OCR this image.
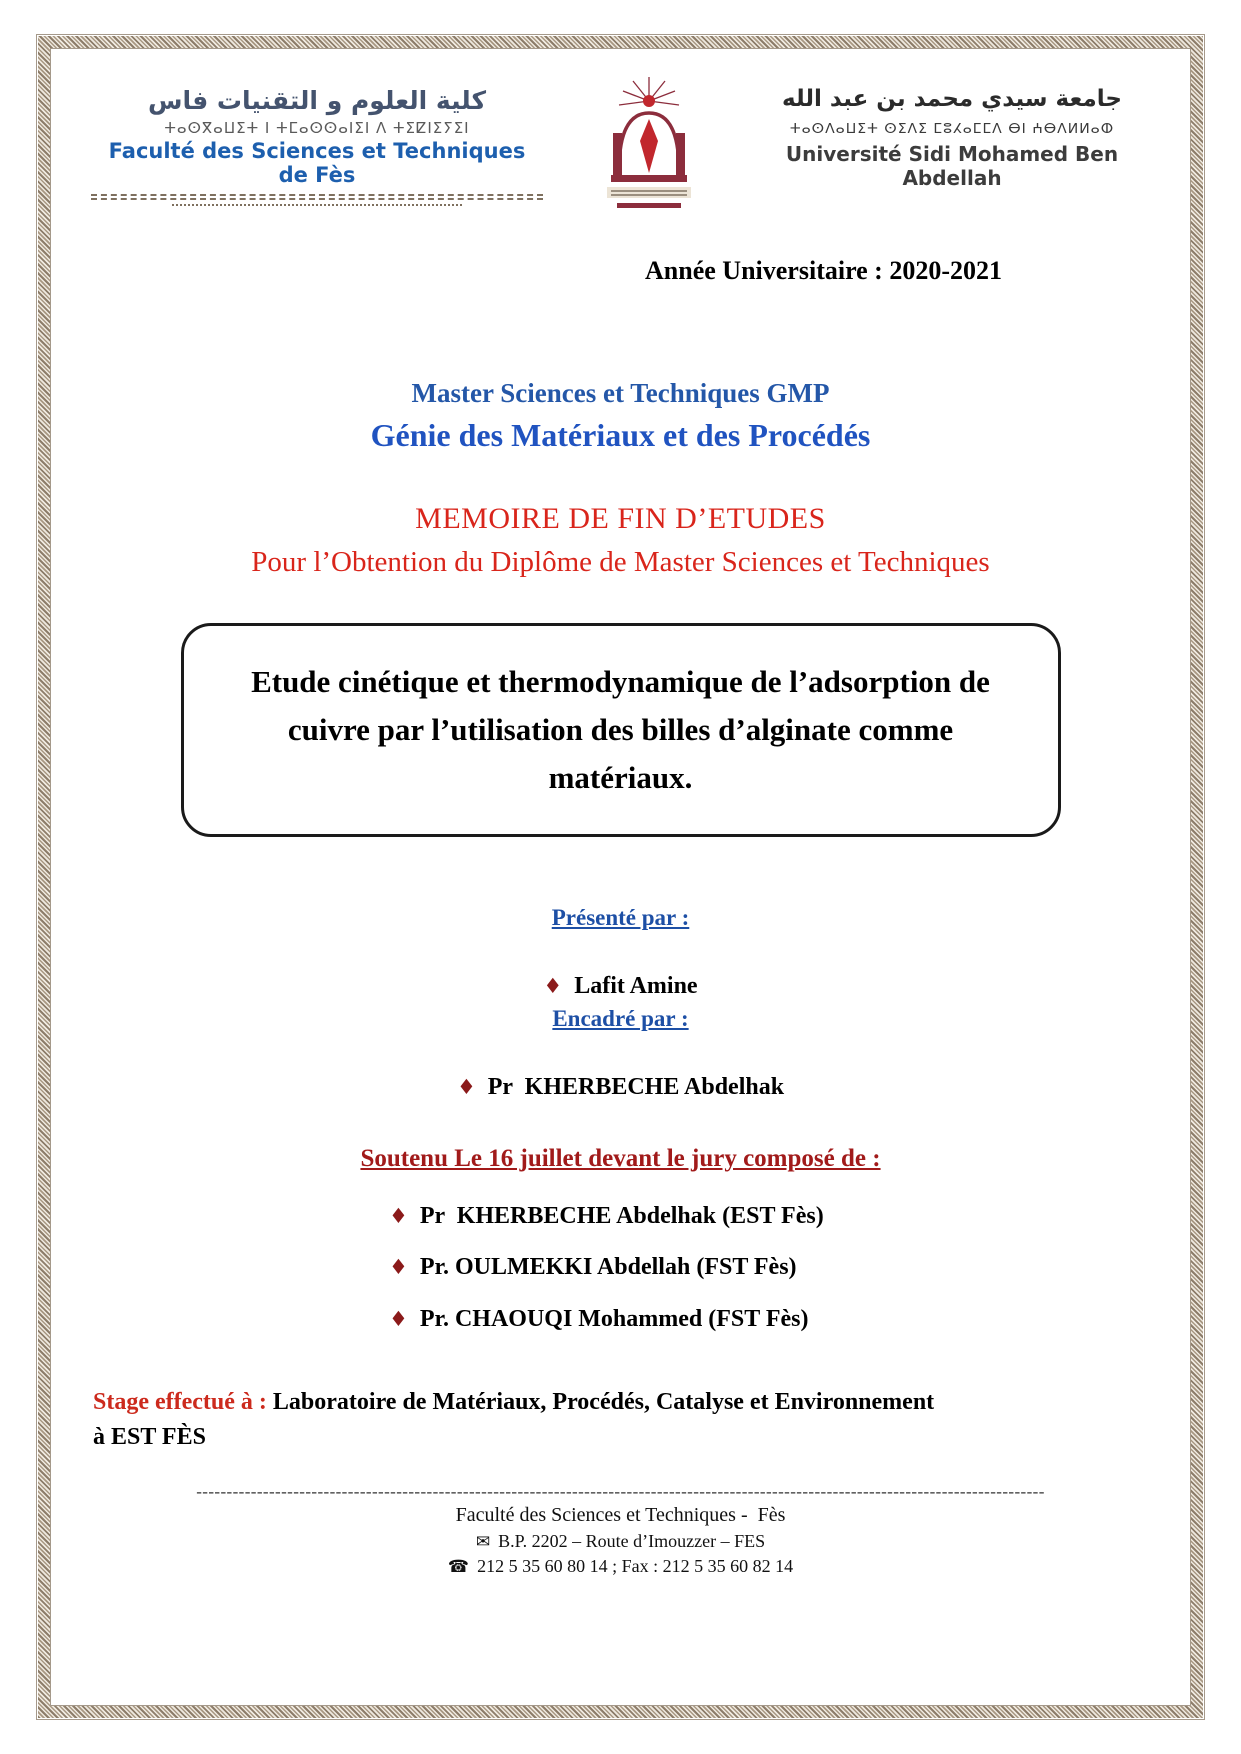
كلية العلوم و التقنيات فاس
ⵜⴰⵙⴳⴰⵡⵉⵜ ⵏ ⵜⵎⴰⵙⵙⴰⵏⵉⵏ ⴷ ⵜⵉⵇⵏⵉⵢⵉⵏ
Faculté des Sciences et Techniques de Fès
جامعة سيدي محمد بن عبد الله
ⵜⴰⵙⴷⴰⵡⵉⵜ ⵙⵉⴷⵉ ⵎⵓⵃⴰⵎⵎⴷ ⴱⵏ ⵄⴱⴷⵍⵍⴰⵀ
Université Sidi Mohamed Ben Abdellah
Année Universitaire : 2020-2021
Master Sciences et Techniques GMP
Génie des Matériaux et des Procédés
MEMOIRE DE FIN D’ETUDES
Pour l’Obtention du Diplôme de Master Sciences et Techniques
Etude cinétique et thermodynamique de l’adsorption de cuivre par l’utilisation des billes d’alginate comme matériaux.
Présenté par :
♦ Lafit Amine
Encadré par :
♦ Pr  KHERBECHE Abdelhak
Soutenu Le 16 juillet devant le jury composé de :
♦ Pr  KHERBECHE Abdelhak (EST Fès)
♦ Pr. OULMEKKI Abdellah (FST Fès)
♦ Pr. CHAOUQI Mohammed (FST Fès)
Stage effectué à : Laboratoire de Matériaux, Procédés, Catalyse et Environnement à EST FÈS
--------------------------------------------------------------------------------------------------------------------------------------------
Faculté des Sciences et Techniques -  Fès
✉ B.P. 2202 – Route d’Imouzzer – FES
☎ 212 5 35 60 80 14 ; Fax : 212 5 35 60 82 14
